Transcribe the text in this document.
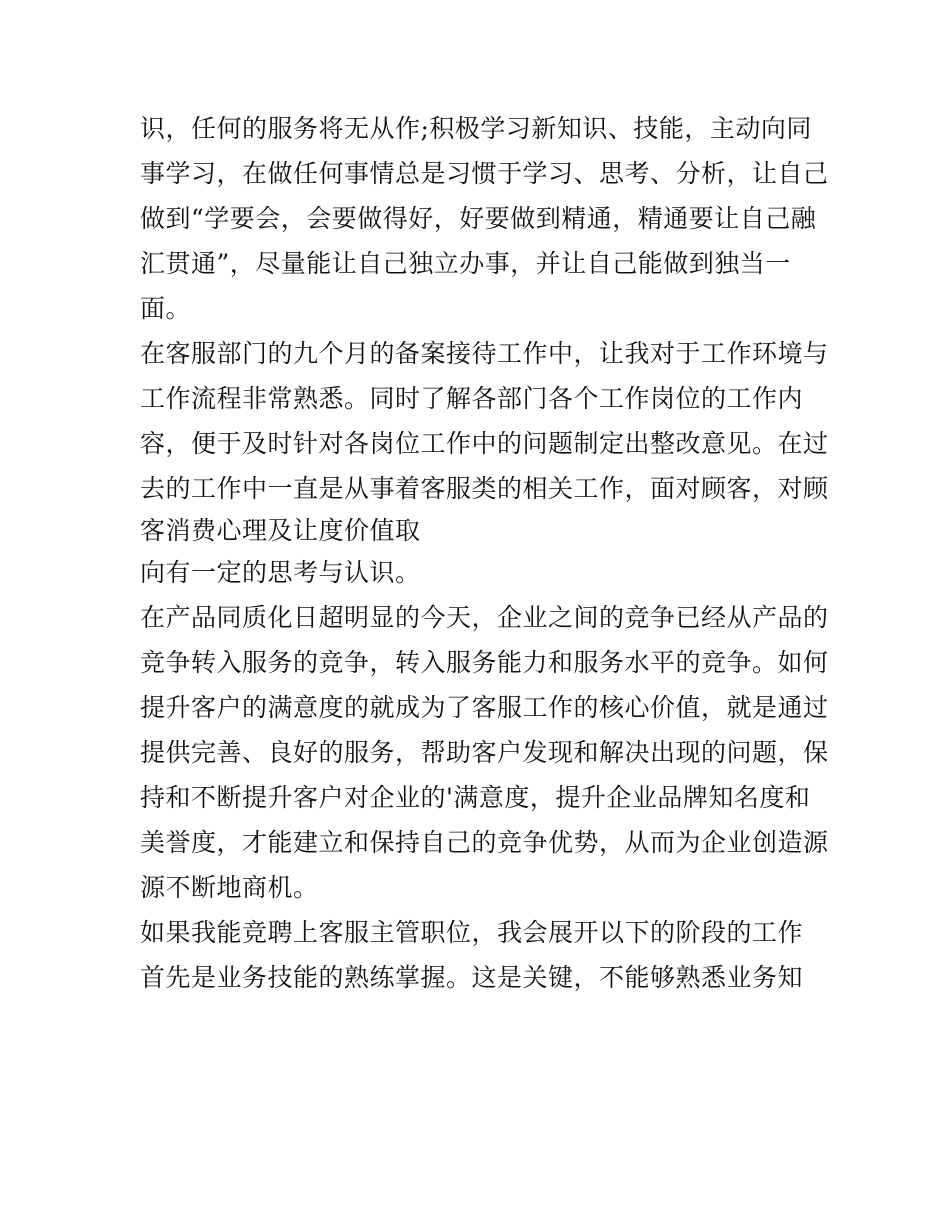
识，任何的服务将无从作;积极学习新知识、技能，主动向同

事学习，在做任何事情总是习惯于学习、思考、分析，让自己

做到“学要会，会要做得好，好要做到精通，精通要让自己融

汇贯通”，尽量能让自己独立办事，并让自己能做到独当一

面。

在客服部门的九个月的备案接待工作中，让我对于工作环境与

工作流程非常熟悉。同时了解各部门各个工作岗位的工作内

容，便于及时针对各岗位工作中的问题制定出整改意见。在过

去的工作中一直是从事着客服类的相关工作，面对顾客，对顾

客消费心理及让度价值取

向有一定的思考与认识。

在产品同质化日超明显的今天，企业之间的竞争已经从产品的

竞争转入服务的竞争，转入服务能力和服务水平的竞争。如何

提升客户的满意度的就成为了客服工作的核心价值，就是通过

提供完善、良好的服务，帮助客户发现和解决出现的问题，保

持和不断提升客户对企业的'满意度，提升企业品牌知名度和

美誉度，才能建立和保持自己的竞争优势，从而为企业创造源

源不断地商机。

如果我能竞聘上客服主管职位，我会展开以下的阶段的工作

首先是业务技能的熟练掌握。这是关键，不能够熟悉业务知
